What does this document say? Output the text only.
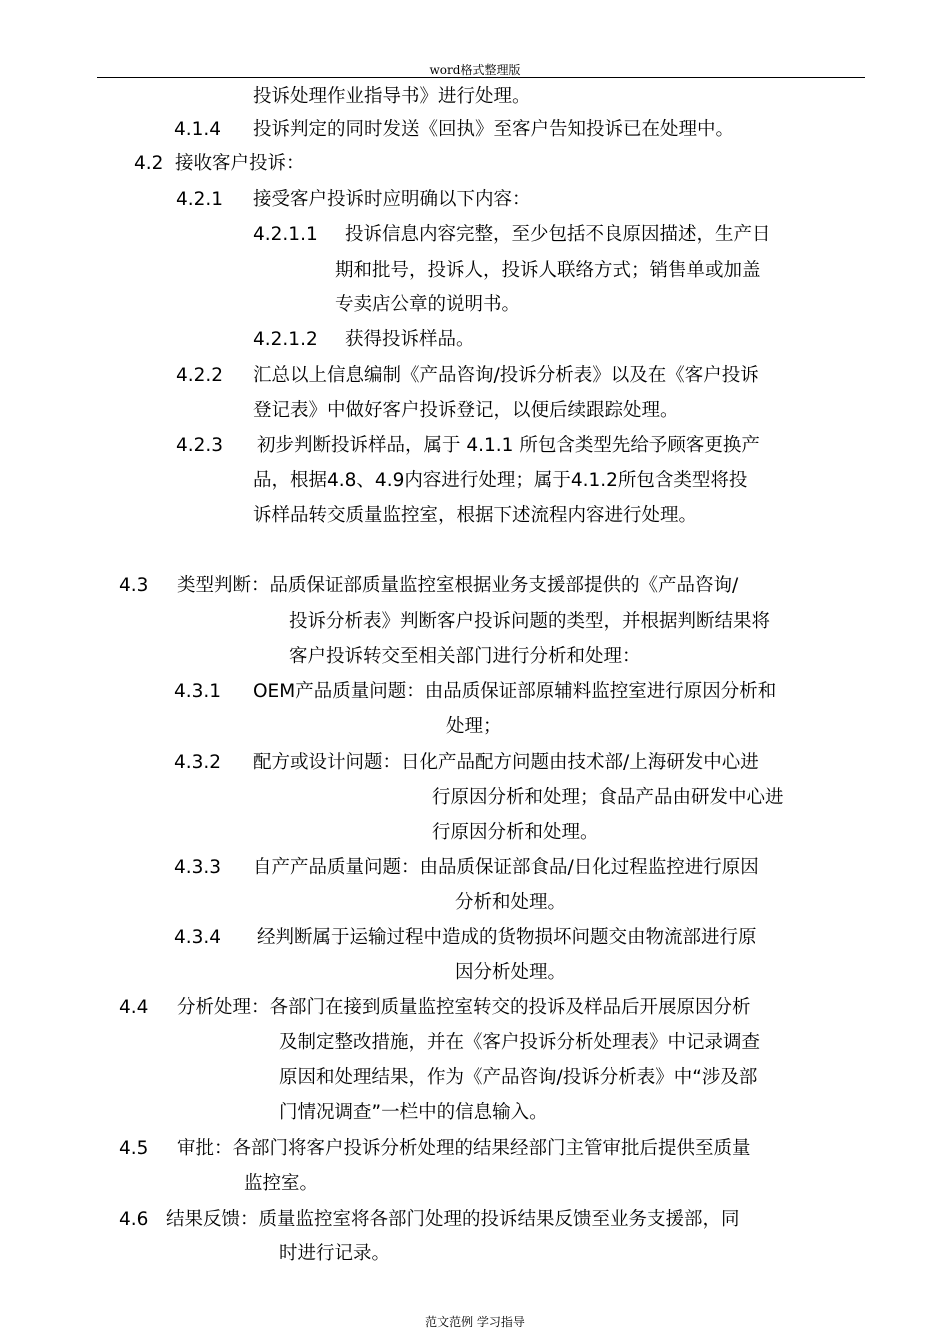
word格式整理版
投诉处理作业指导书》进行处理。
4.1.4 投诉判定的同时发送《回执》至客户告知投诉已在处理中。
4.2 接收客户投诉：
4.2.1 接受客户投诉时应明确以下内容：
4.2.1.1 投诉信息内容完整，至少包括不良原因描述，生产日
期和批号，投诉人，投诉人联络方式；销售单或加盖
专卖店公章的说明书。
4.2.1.2 获得投诉样品。
4.2.2 汇总以上信息编制《产品咨询/投诉分析表》以及在《客户投诉
登记表》中做好客户投诉登记，以便后续跟踪处理。
4.2.3 初步判断投诉样品，属于 4.1.1 所包含类型先给予顾客更换产
品，根据4.8、4.9内容进行处理；属于4.1.2所包含类型将投
诉样品转交质量监控室，根据下述流程内容进行处理。
4.3 类型判断：品质保证部质量监控室根据业务支援部提供的《产品咨询/
投诉分析表》判断客户投诉问题的类型，并根据判断结果将
客户投诉转交至相关部门进行分析和处理：
4.3.1 OEM产品质量问题：由品质保证部原辅料监控室进行原因分析和
处理；
4.3.2 配方或设计问题：日化产品配方问题由技术部/上海研发中心进
行原因分析和处理；食品产品由研发中心进
行原因分析和处理。
4.3.3 自产产品质量问题：由品质保证部食品/日化过程监控进行原因
分析和处理。
4.3.4 经判断属于运输过程中造成的货物损坏问题交由物流部进行原
因分析处理。
4.4 分析处理：各部门在接到质量监控室转交的投诉及样品后开展原因分析
及制定整改措施，并在《客户投诉分析处理表》中记录调查
原因和处理结果，作为《产品咨询/投诉分析表》中“涉及部
门情况调查”一栏中的信息输入。
4.5 审批：各部门将客户投诉分析处理的结果经部门主管审批后提供至质量
监控室。
4.6 结果反馈：质量监控室将各部门处理的投诉结果反馈至业务支援部，同
时进行记录。
范文范例 学习指导
